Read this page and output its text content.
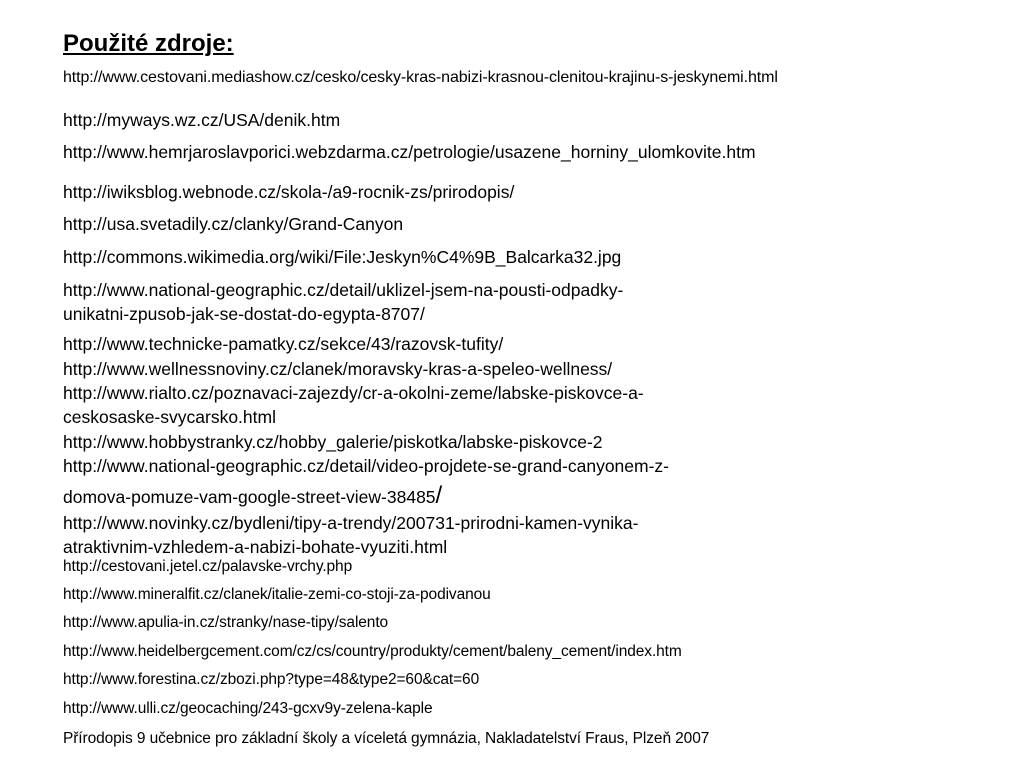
Použité zdroje:

http://www.cestovani.mediashow.cz/cesko/cesky-kras-nabizi-krasnou-clenitou-krajinu-s-jeskynemi.html

http://myways.wz.cz/USA/denik.htm

http://www.hemrjaroslavporici.webzdarma.cz/petrologie/usazene_horniny_ulomkovite.htm

http://iwiksblog.webnode.cz/skola-/a9-rocnik-zs/prirodopis/

http://usa.svetadily.cz/clanky/Grand-Canyon

http://commons.wikimedia.org/wiki/File:Jeskyn%C4%9B_Balcarka32.jpg

http://www.national-geographic.cz/detail/uklizel-jsem-na-pousti-odpadky-

unikatni-zpusob-jak-se-dostat-do-egypta-8707/

http://www.technicke-pamatky.cz/sekce/43/razovsk-tufity/

http://www.wellnessnoviny.cz/clanek/moravsky-kras-a-speleo-wellness/

http://www.rialto.cz/poznavaci-zajezdy/cr-a-okolni-zeme/labske-piskovce-a-

ceskosaske-svycarsko.html

http://www.hobbystranky.cz/hobby_galerie/piskotka/labske-piskovce-2

http://www.national-geographic.cz/detail/video-projdete-se-grand-canyonem-z-

domova-pomuze-vam-google-street-view-38485/

http://www.novinky.cz/bydleni/tipy-a-trendy/200731-prirodni-kamen-vynika-

atraktivnim-vzhledem-a-nabizi-bohate-vyuziti.html

http://cestovani.jetel.cz/palavske-vrchy.php

http://www.mineralfit.cz/clanek/italie-zemi-co-stoji-za-podivanou

http://www.apulia-in.cz/stranky/nase-tipy/salento

http://www.heidelbergcement.com/cz/cs/country/produkty/cement/baleny_cement/index.htm

http://www.forestina.cz/zbozi.php?type=48&type2=60&cat=60

http://www.ulli.cz/geocaching/243-gcxv9y-zelena-kaple

Přírodopis 9 učebnice pro základní školy a víceletá gymnázia, Nakladatelství Fraus, Plzeň 2007
